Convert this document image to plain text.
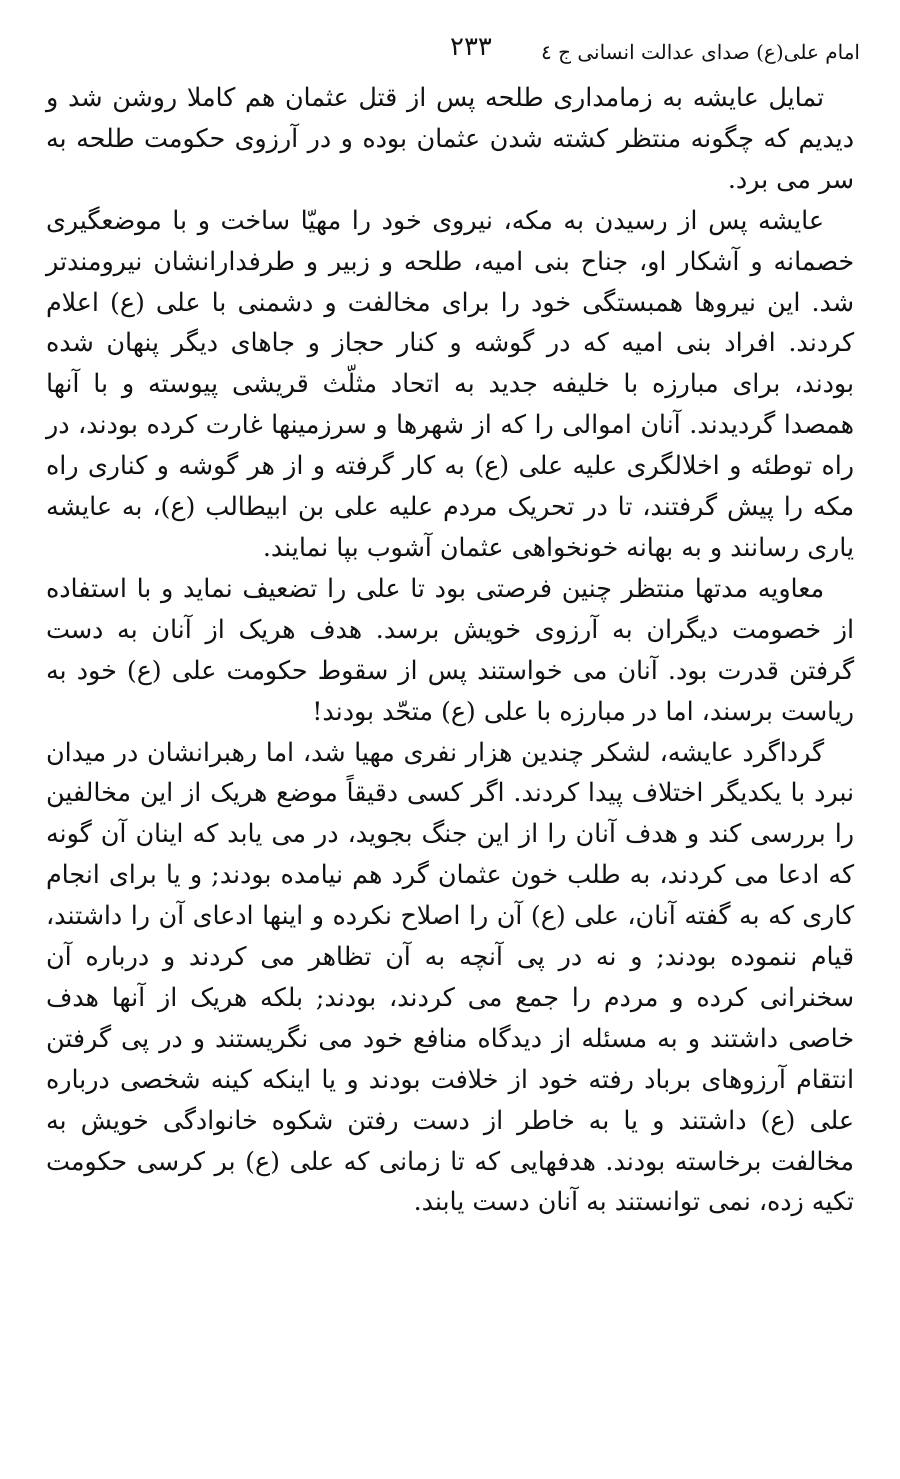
امام علی(ع) صدای عدالت انسانی ج ٤
٢٣٣

تمایل عایشه به زمامداری طلحه پس از قتل عثمان هم کاملا روشن شد و دیدیم که چگونه منتظر کشته شدن عثمان بوده و در آرزوی حکومت طلحه به سر می برد.

عایشه پس از رسیدن به مکه، نیروی خود را مهیّا ساخت و با موضعگیری خصمانه و آشکار او، جناح بنی امیه، طلحه و زبیر و طرفدارانشان نیرومندتر شد. این نیروها همبستگی خود را برای مخالفت و دشمنی با علی (ع) اعلام کردند. افراد بنی امیه که در گوشه و کنار حجاز و جاهای دیگر پنهان شده بودند، برای مبارزه با خلیفه جدید به اتحاد مثلّث قریشی پیوسته و با آنها همصدا گردیدند. آنان اموالی را که از شهرها و سرزمینها غارت کرده بودند، در راه توطئه و اخلالگری علیه علی (ع) به کار گرفته و از هر گوشه و کناری راه مکه را پیش گرفتند، تا در تحریک مردم علیه علی بن ابیطالب (ع)، به عایشه یاری رسانند و به بهانه خونخواهی عثمان آشوب بپا نمایند.

معاویه مدتها منتظر چنین فرصتی بود تا علی را تضعیف نماید و با استفاده از خصومت دیگران به آرزوی خویش برسد. هدف هریک از آنان به دست گرفتن قدرت بود. آنان می خواستند پس از سقوط حکومت علی (ع) خود به ریاست برسند، اما در مبارزه با علی (ع) متحّد بودند!

گرداگرد عایشه، لشکر چندین هزار نفری مهیا شد، اما رهبرانشان در میدان نبرد با یکدیگر اختلاف پیدا کردند. اگر کسی دقیقاً موضع هریک از این مخالفین را بررسی کند و هدف آنان را از این جنگ بجوید، در می یابد که اینان آن گونه که ادعا می کردند، به طلب خون عثمان گرد هم نیامده بودند; و یا برای انجام کاری که به گفته آنان، علی (ع) آن را اصلاح نکرده و اینها ادعای آن را داشتند، قیام ننموده بودند; و نه در پی آنچه به آن تظاهر می کردند و درباره آن سخنرانی کرده و مردم را جمع می کردند، بودند; بلکه هریک از آنها هدف خاصی داشتند و به مسئله از دیدگاه منافع خود می نگریستند و در پی گرفتن انتقام آرزوهای برباد رفته خود از خلافت بودند و یا اینکه کینه شخصی درباره علی (ع) داشتند و یا به خاطر از دست رفتن شکوه خانوادگی خویش به مخالفت برخاسته بودند. هدفهایی که تا زمانی که علی (ع) بر کرسی حکومت تکیه زده، نمی توانستند به آنان دست یابند.
